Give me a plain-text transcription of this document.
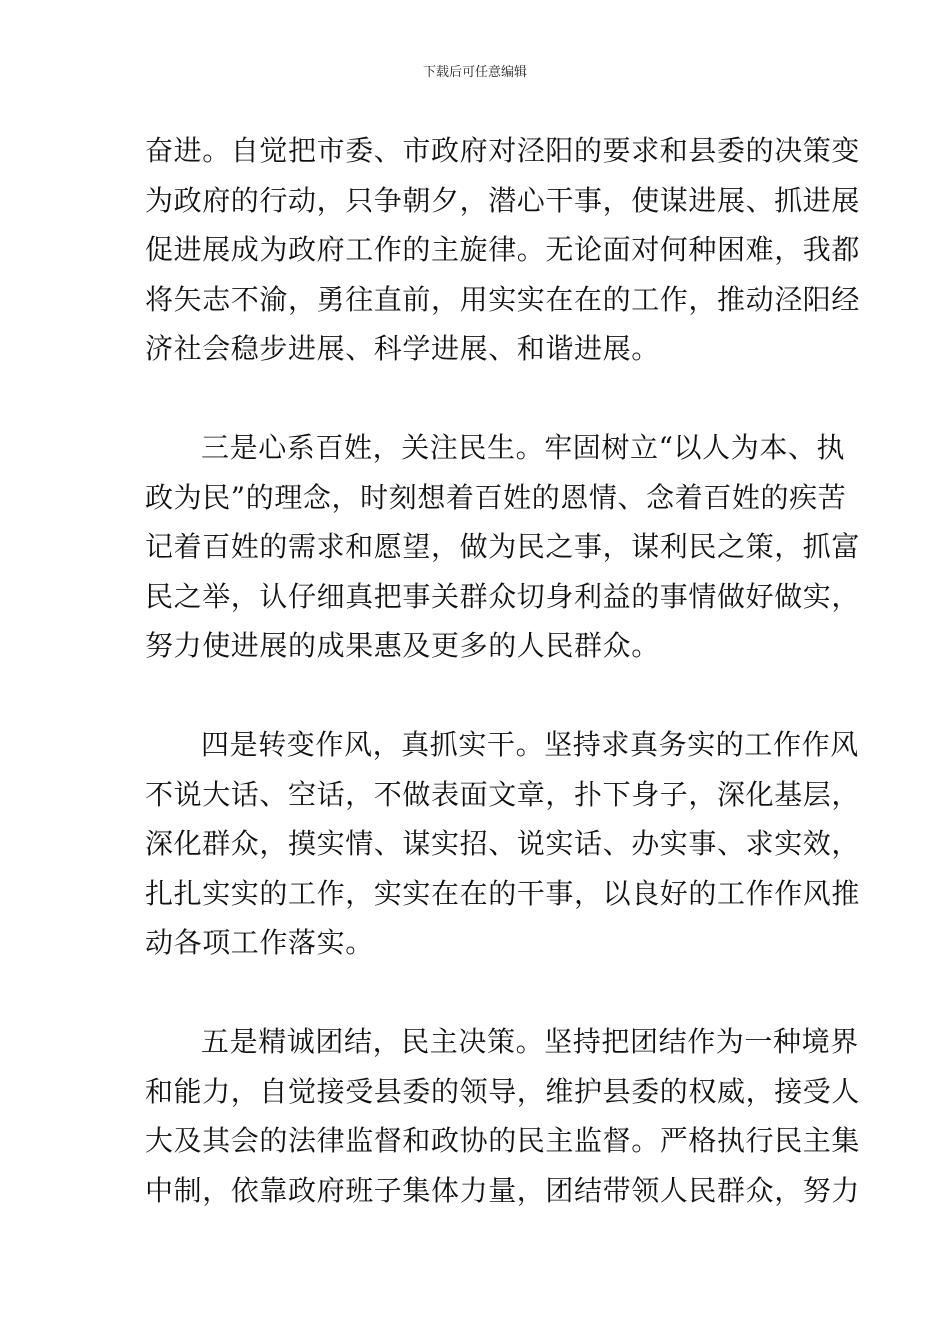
下载后可任意编辑
奋进。自觉把市委、市政府对泾阳的要求和县委的决策变
为政府的行动，只争朝夕，潜心干事，使谋进展、抓进展
促进展成为政府工作的主旋律。无论面对何种困难，我都
将矢志不渝，勇往直前，用实实在在的工作，推动泾阳经
济社会稳步进展、科学进展、和谐进展。
三是心系百姓，关注民生。牢固树立“以人为本、执
政为民”的理念，时刻想着百姓的恩情、念着百姓的疾苦
记着百姓的需求和愿望，做为民之事，谋利民之策，抓富
民之举，认仔细真把事关群众切身利益的事情做好做实，
努力使进展的成果惠及更多的人民群众。
四是转变作风，真抓实干。坚持求真务实的工作作风
不说大话、空话，不做表面文章，扑下身子，深化基层，
深化群众，摸实情、谋实招、说实话、办实事、求实效，
扎扎实实的工作，实实在在的干事，以良好的工作作风推
动各项工作落实。
五是精诚团结，民主决策。坚持把团结作为一种境界
和能力，自觉接受县委的领导，维护县委的权威，接受人
大及其会的法律监督和政协的民主监督。严格执行民主集
中制，依靠政府班子集体力量，团结带领人民群众，努力
